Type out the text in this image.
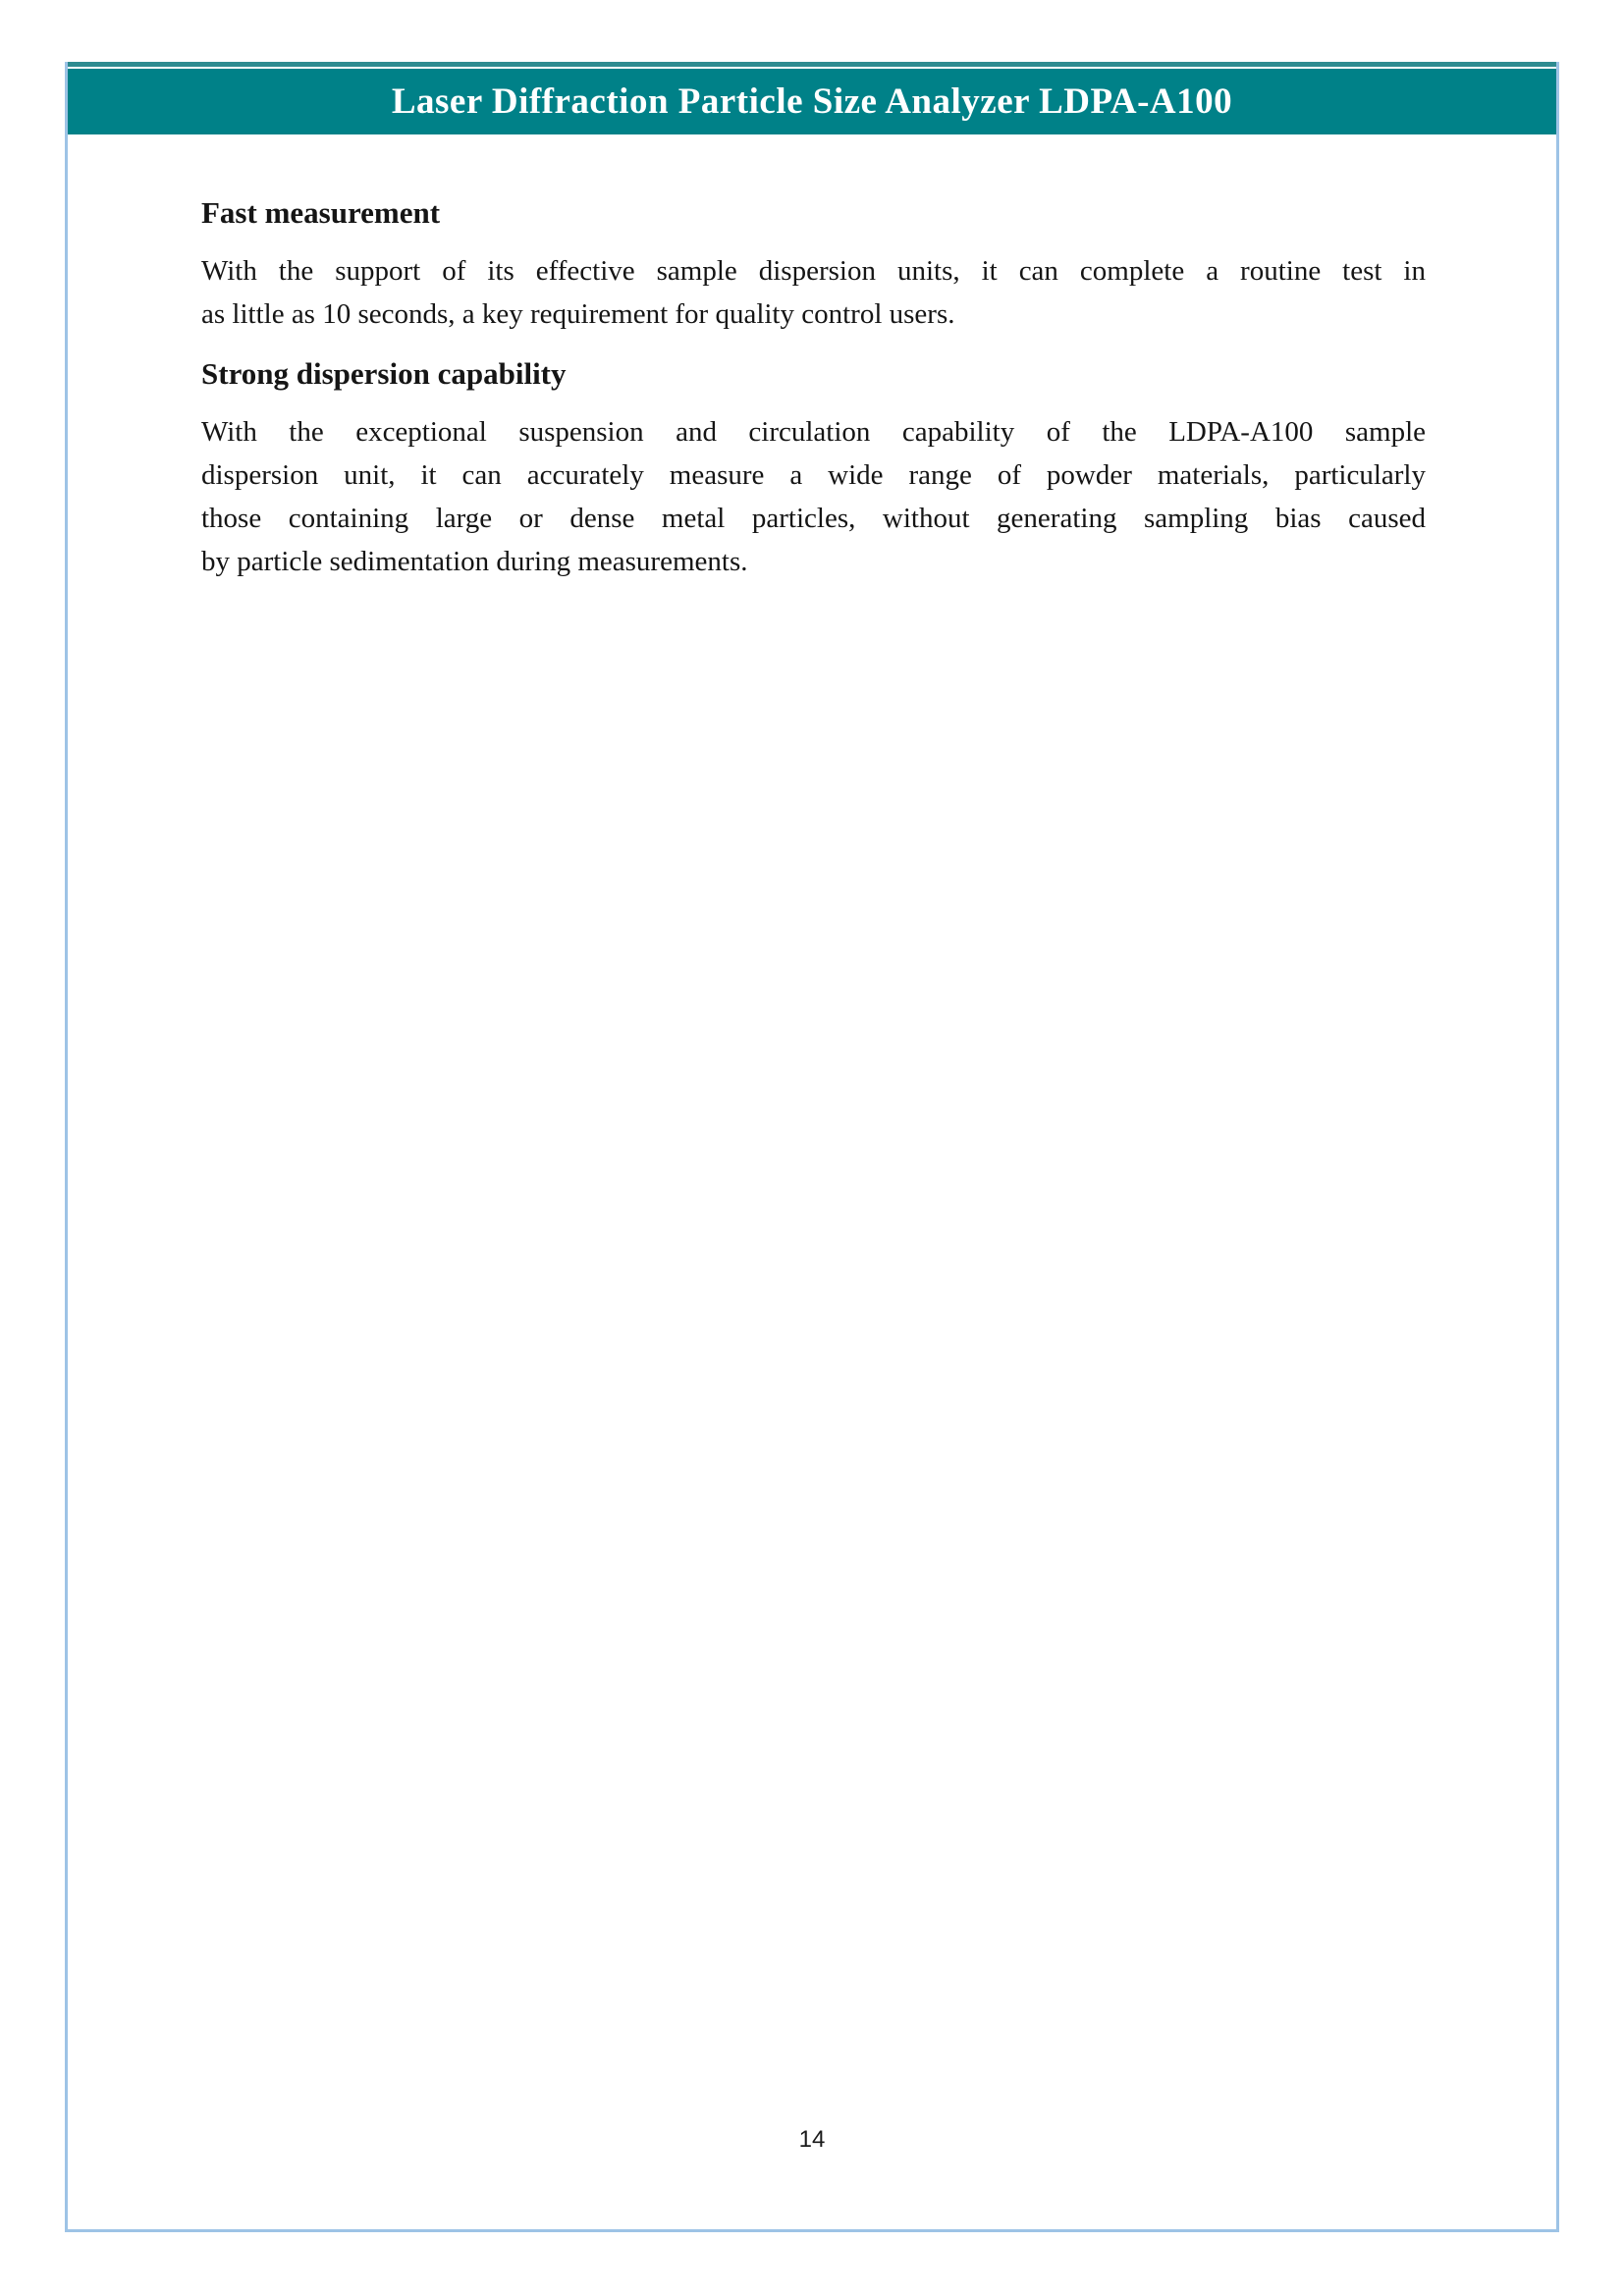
Laser Diffraction Particle Size Analyzer LDPA-A100
Fast measurement
With the support of its effective sample dispersion units, it can complete a routine test in
as little as 10 seconds, a key requirement for quality control users.
Strong dispersion capability
With the exceptional suspension and circulation capability of the LDPA-A100 sample
dispersion unit, it can accurately measure a wide range of powder materials, particularly
those containing large or dense metal particles, without generating sampling bias caused
by particle sedimentation during measurements.
14
